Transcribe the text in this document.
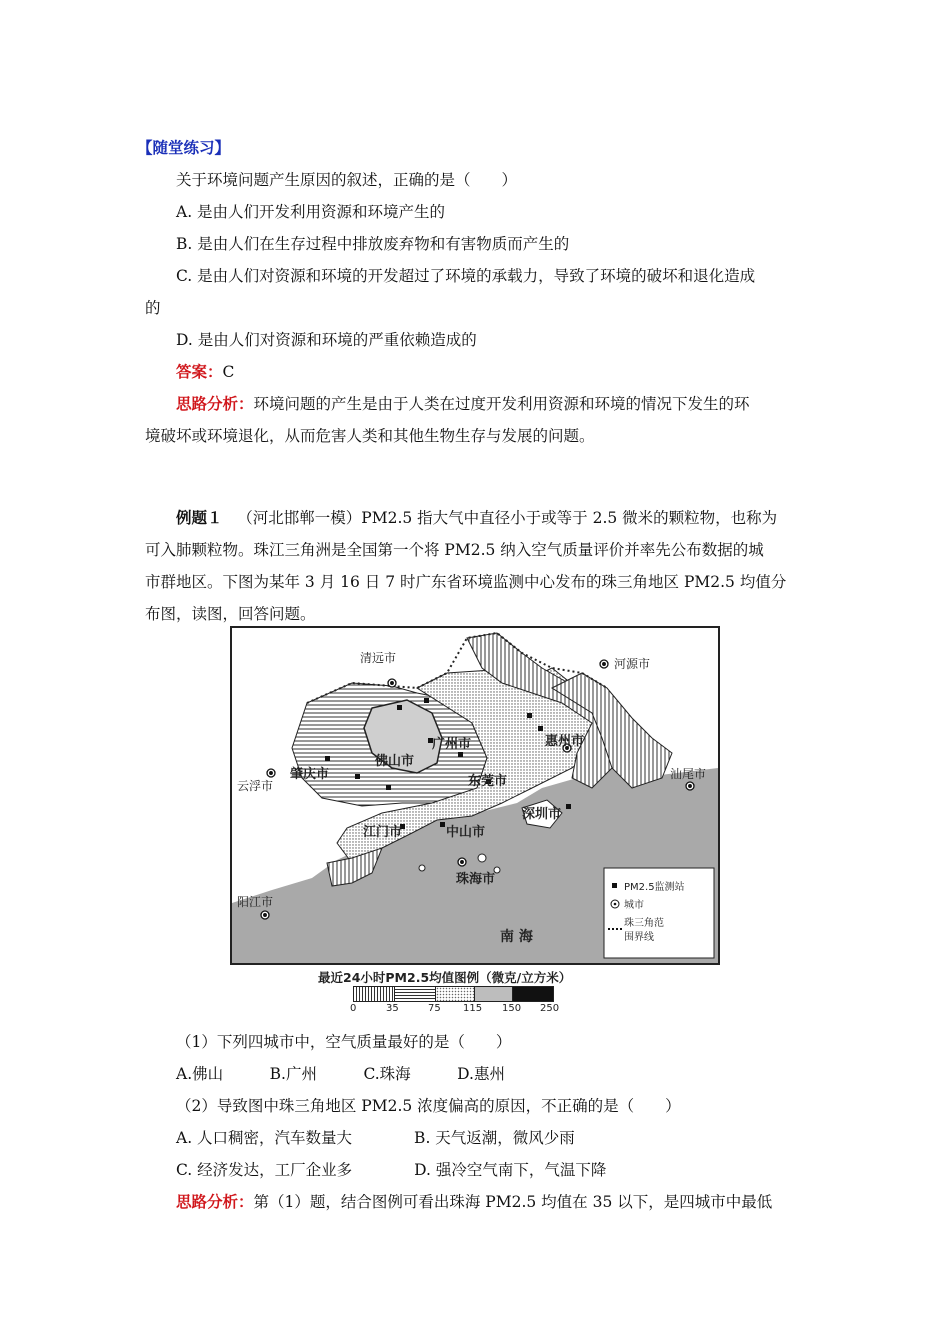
【随堂练习】
关于环境问题产生原因的叙述，正确的是（　　）
A. 是由人们开发利用资源和环境产生的
B. 是由人们在生存过程中排放废弃物和有害物质而产生的
C. 是由人们对资源和环境的开发超过了环境的承载力，导致了环境的破坏和退化造成
的
D. 是由人们对资源和环境的严重依赖造成的
答案：C
思路分析：环境问题的产生是由于人类在过度开发利用资源和环境的情况下发生的环
境破坏或环境退化，从而危害人类和其他生物生存与发展的问题。
例题１ （河北邯郸一模）PM2.5 指大气中直径小于或等于 2.5 微米的颗粒物，也称为
可入肺颗粒物。珠江三角洲是全国第一个将 PM2.5 纳入空气质量评价并率先公布数据的城
市群地区。下图为某年 3 月 16 日 7 时广东省环境监测中心发布的珠三角地区 PM2.5 均值分
布图，读图，回答问题。
清远市	河源市
广州市	惠州市
肇庆市
佛山市
东莞市	汕尾市
云浮市
深圳市
江门市	中山市
珠海市
阳江市
南 海
PM2.5监测站
城市
珠三角范
围界线
最近24小时PM2.5均值图例（微克/立方米）
0	35	75 115 150 250
（1）下列四城市中，空气质量最好的是（　　）
A.佛山　　　B.广州　　　C.珠海　　　D.惠州
（2）导致图中珠三角地区 PM2.5 浓度偏高的原因，不正确的是（　　）
A. 人口稠密，汽车数量大　　　　B. 天气返潮，微风少雨
C. 经济发达，工厂企业多　　　　D. 强冷空气南下，气温下降
思路分析：第（1）题，结合图例可看出珠海 PM2.5 均值在 35 以下，是四城市中最低
